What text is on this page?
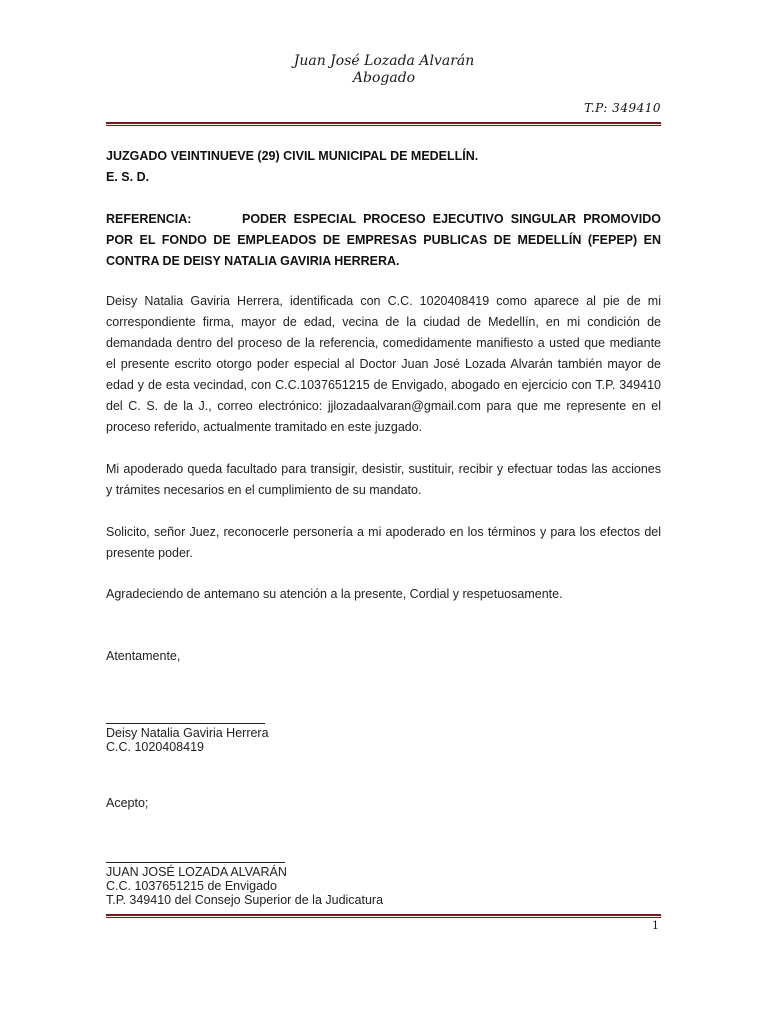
Juan José Lozada Alvarán
Abogado
T.P: 349410
JUZGADO VEINTINUEVE (29) CIVIL MUNICIPAL DE MEDELLÍN.
E. S. D.
REFERENCIA:	PODER ESPECIAL PROCESO EJECUTIVO SINGULAR PROMOVIDO POR EL FONDO DE EMPLEADOS DE EMPRESAS PUBLICAS DE MEDELLÍN (FEPEP) EN CONTRA DE DEISY NATALIA GAVIRIA HERRERA.
Deisy Natalia Gaviria Herrera, identificada con C.C. 1020408419 como aparece al pie de mi correspondiente firma, mayor de edad, vecina de la ciudad de Medellín, en mi condición de demandada dentro del proceso de la referencia, comedidamente manifiesto a usted que mediante el presente escrito otorgo poder especial al Doctor Juan José Lozada Alvarán también mayor de edad y de esta vecindad, con C.C.1037651215 de Envigado, abogado en ejercicio con T.P. 349410 del C. S. de la J., correo electrónico: jjlozadaalvaran@gmail.com para que me represente en el proceso referido, actualmente tramitado en este juzgado.
Mi apoderado queda facultado para transigir, desistir, sustituir, recibir y efectuar todas las acciones y trámites necesarios en el cumplimiento de su mandato.
Solicito, señor Juez, reconocerle personería a mi apoderado en los términos y para los efectos del presente poder.
Agradeciendo de antemano su atención a la presente, Cordial y respetuosamente.
Atentamente,
Deisy Natalia Gaviria Herrera
C.C. 1020408419
Acepto;
JUAN JOSÉ LOZADA ALVARÁN
C.C. 1037651215 de Envigado
T.P. 349410 del Consejo Superior de la Judicatura
1
